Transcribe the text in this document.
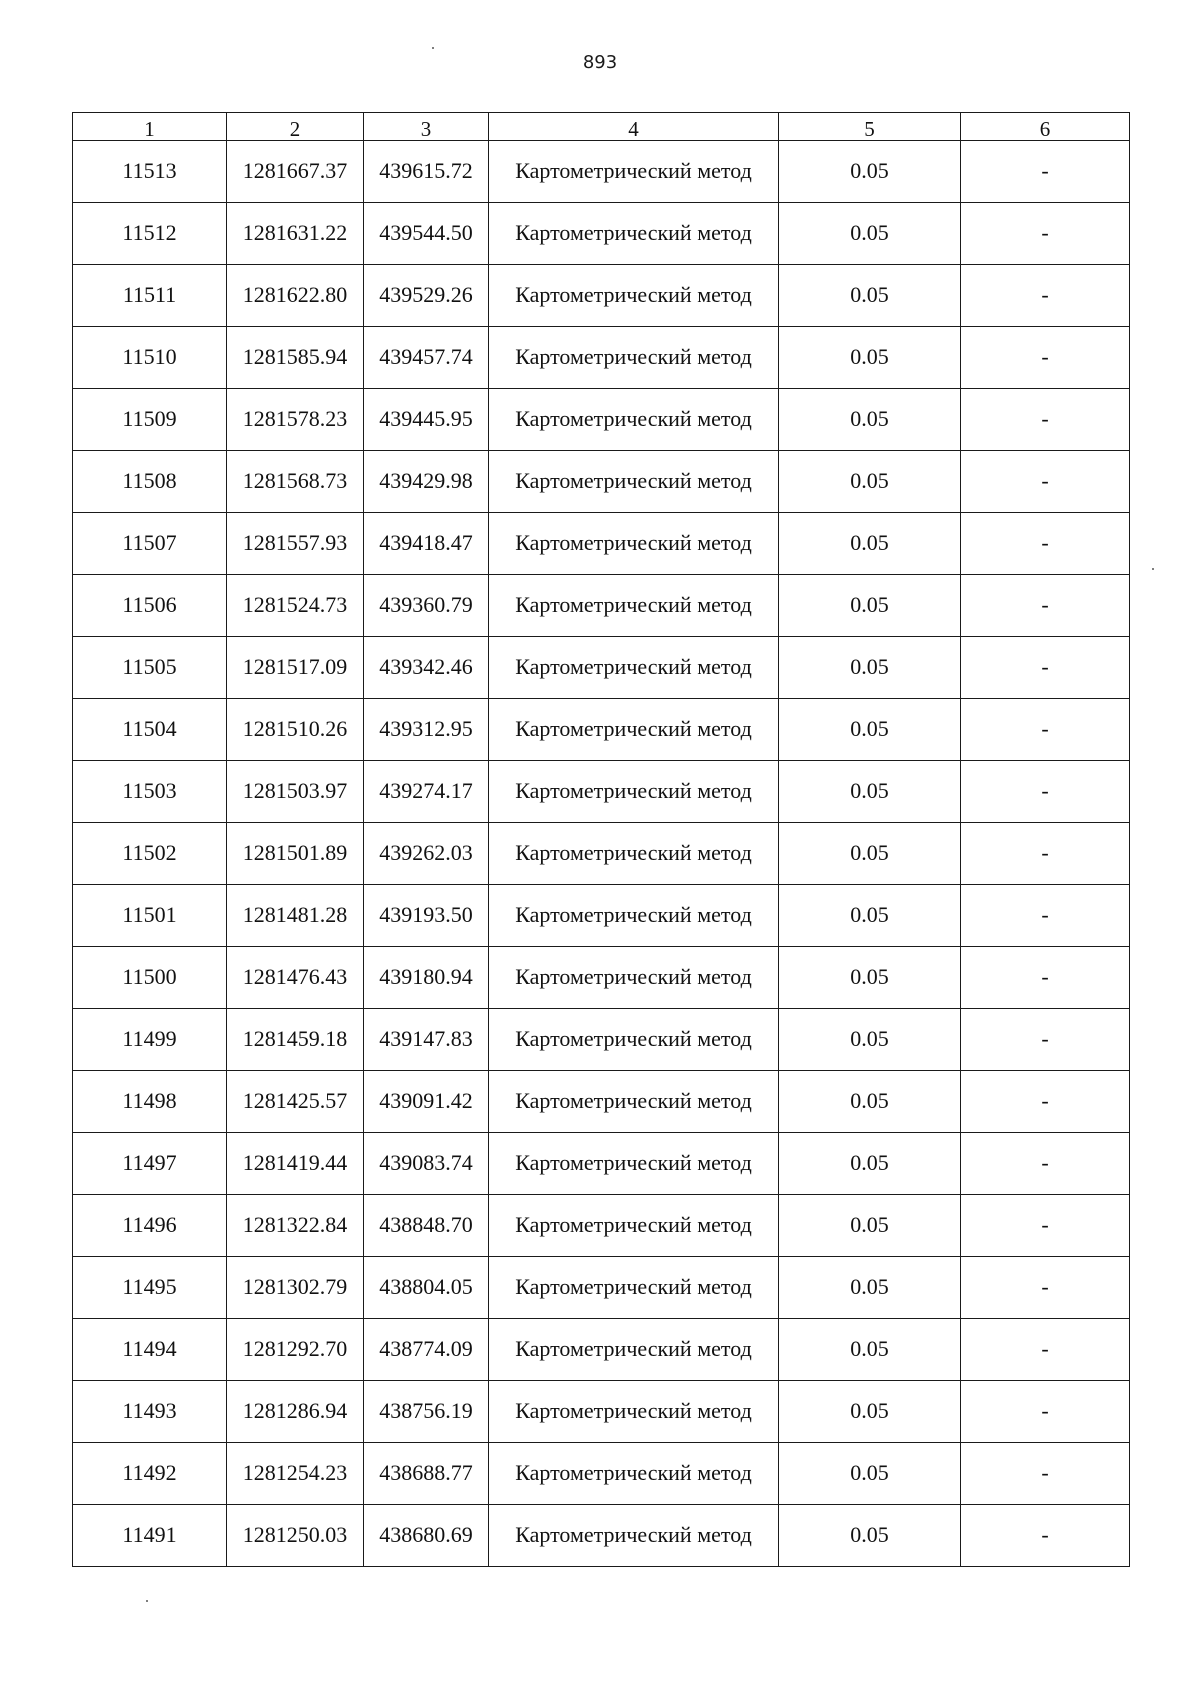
893
1	2	3	4	5	6
11513	1281667.37	439615.72	Картометрический метод	0.05	-
11512	1281631.22	439544.50	Картометрический метод	0.05	-
11511	1281622.80	439529.26	Картометрический метод	0.05	-
11510	1281585.94	439457.74	Картометрический метод	0.05	-
11509	1281578.23	439445.95	Картометрический метод	0.05	-
11508	1281568.73	439429.98	Картометрический метод	0.05	-
11507	1281557.93	439418.47	Картометрический метод	0.05	-
11506	1281524.73	439360.79	Картометрический метод	0.05	-
11505	1281517.09	439342.46	Картометрический метод	0.05	-
11504	1281510.26	439312.95	Картометрический метод	0.05	-
11503	1281503.97	439274.17	Картометрический метод	0.05	-
11502	1281501.89	439262.03	Картометрический метод	0.05	-
11501	1281481.28	439193.50	Картометрический метод	0.05	-
11500	1281476.43	439180.94	Картометрический метод	0.05	-
11499	1281459.18	439147.83	Картометрический метод	0.05	-
11498	1281425.57	439091.42	Картометрический метод	0.05	-
11497	1281419.44	439083.74	Картометрический метод	0.05	-
11496	1281322.84	438848.70	Картометрический метод	0.05	-
11495	1281302.79	438804.05	Картометрический метод	0.05	-
11494	1281292.70	438774.09	Картометрический метод	0.05	-
11493	1281286.94	438756.19	Картометрический метод	0.05	-
11492	1281254.23	438688.77	Картометрический метод	0.05	-
11491	1281250.03	438680.69	Картометрический метод	0.05	-
